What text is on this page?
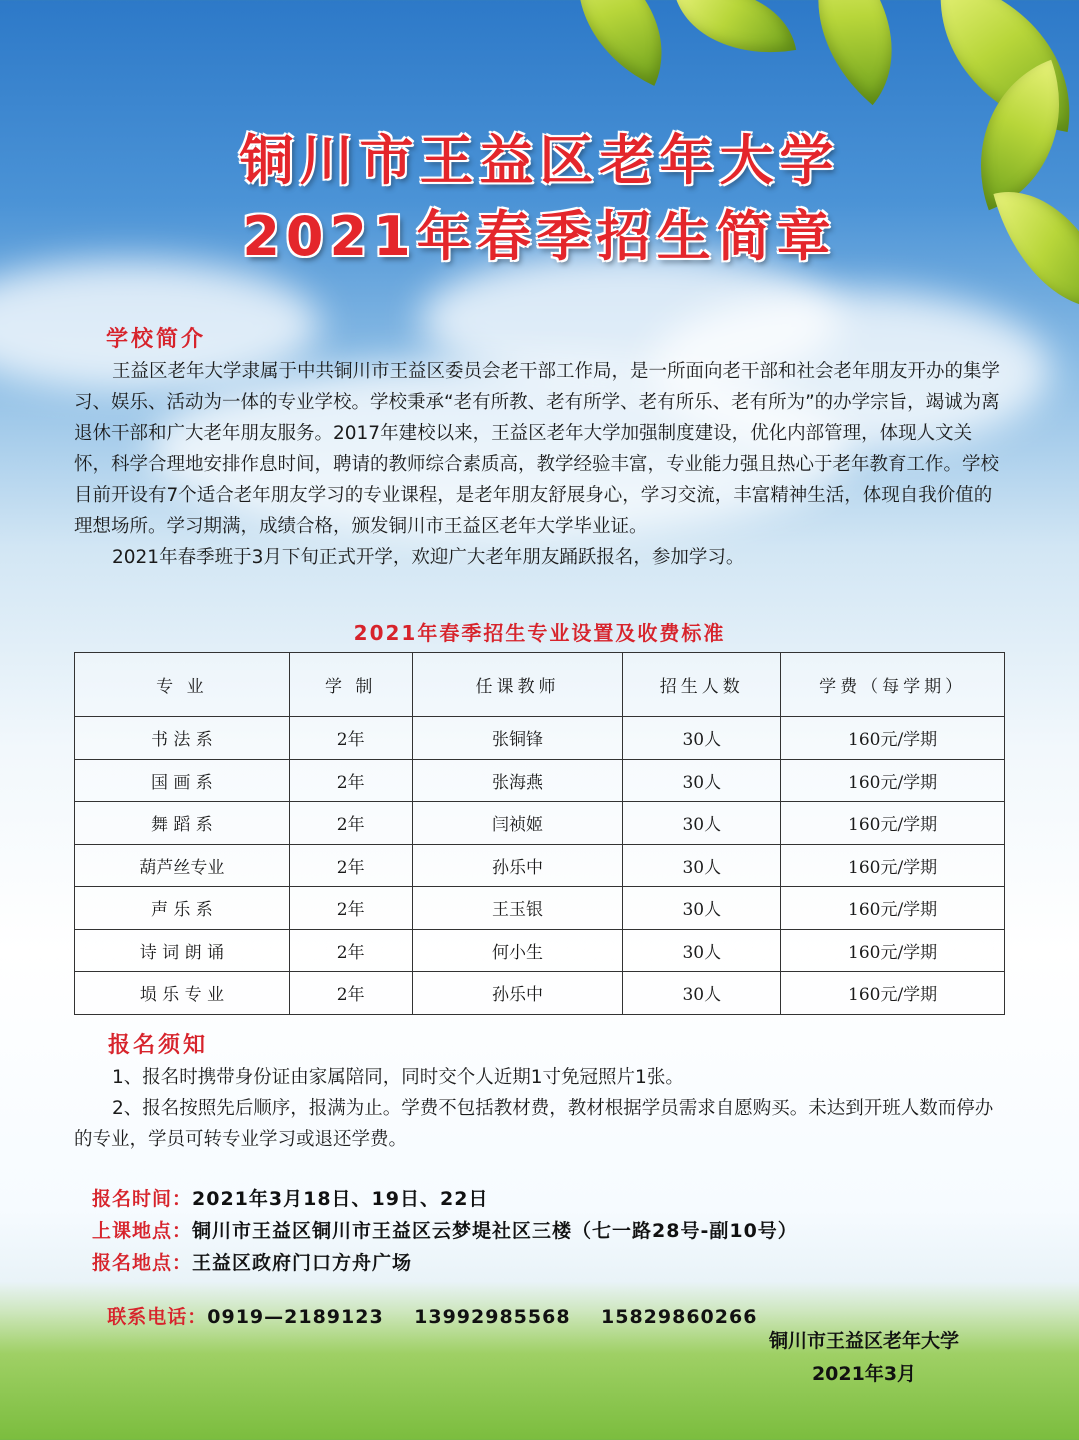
铜川市王益区老年大学
2021年春季招生简章
学校简介

王益区老年大学隶属于中共铜川市王益区委员会老干部工作局，是一所面向老干部和社会老年朋友开办的集学习、娱乐、活动为一体的专业学校。学校秉承“老有所教、老有所学、老有所乐、老有所为”的办学宗旨，竭诚为离退休干部和广大老年朋友服务。2017年建校以来，王益区老年大学加强制度建设，优化内部管理，体现人文关怀，科学合理地安排作息时间，聘请的教师综合素质高，教学经验丰富，专业能力强且热心于老年教育工作。学校目前开设有7个适合老年朋友学习的专业课程，是老年朋友舒展身心，学习交流，丰富精神生活，体现自我价值的理想场所。学习期满，成绩合格，颁发铜川市王益区老年大学毕业证。

2021年春季班于3月下旬正式开学，欢迎广大老年朋友踊跃报名，参加学习。

2021年春季招生专业设置及收费标准
专 业	学 制	任课教师	招生人数	学费（每学期）
书 法 系	2年	张铜锋	30人	160元/学期
国 画 系	2年	张海燕	30人	160元/学期
舞 蹈 系	2年	闫祯姬	30人	160元/学期
葫芦丝专业	2年	孙乐中	30人	160元/学期
声 乐 系	2年	王玉银	30人	160元/学期
诗 词 朗 诵	2年	何小生	30人	160元/学期
埙 乐 专 业	2年	孙乐中	30人	160元/学期
报名须知

1、报名时携带身份证由家属陪同，同时交个人近期1寸免冠照片1张。

2、报名按照先后顺序，报满为止。学费不包括教材费，教材根据学员需求自愿购买。未达到开班人数而停办的专业，学员可转专业学习或退还学费。

报名时间：2021年3月18日、19日、22日
上课地点：铜川市王益区铜川市王益区云梦堤社区三楼（七一路28号-副10号）
报名地点：王益区政府门口方舟广场

联系电话：0919—2189123    13992985568    15829860266

铜川市王益区老年大学
2021年3月
